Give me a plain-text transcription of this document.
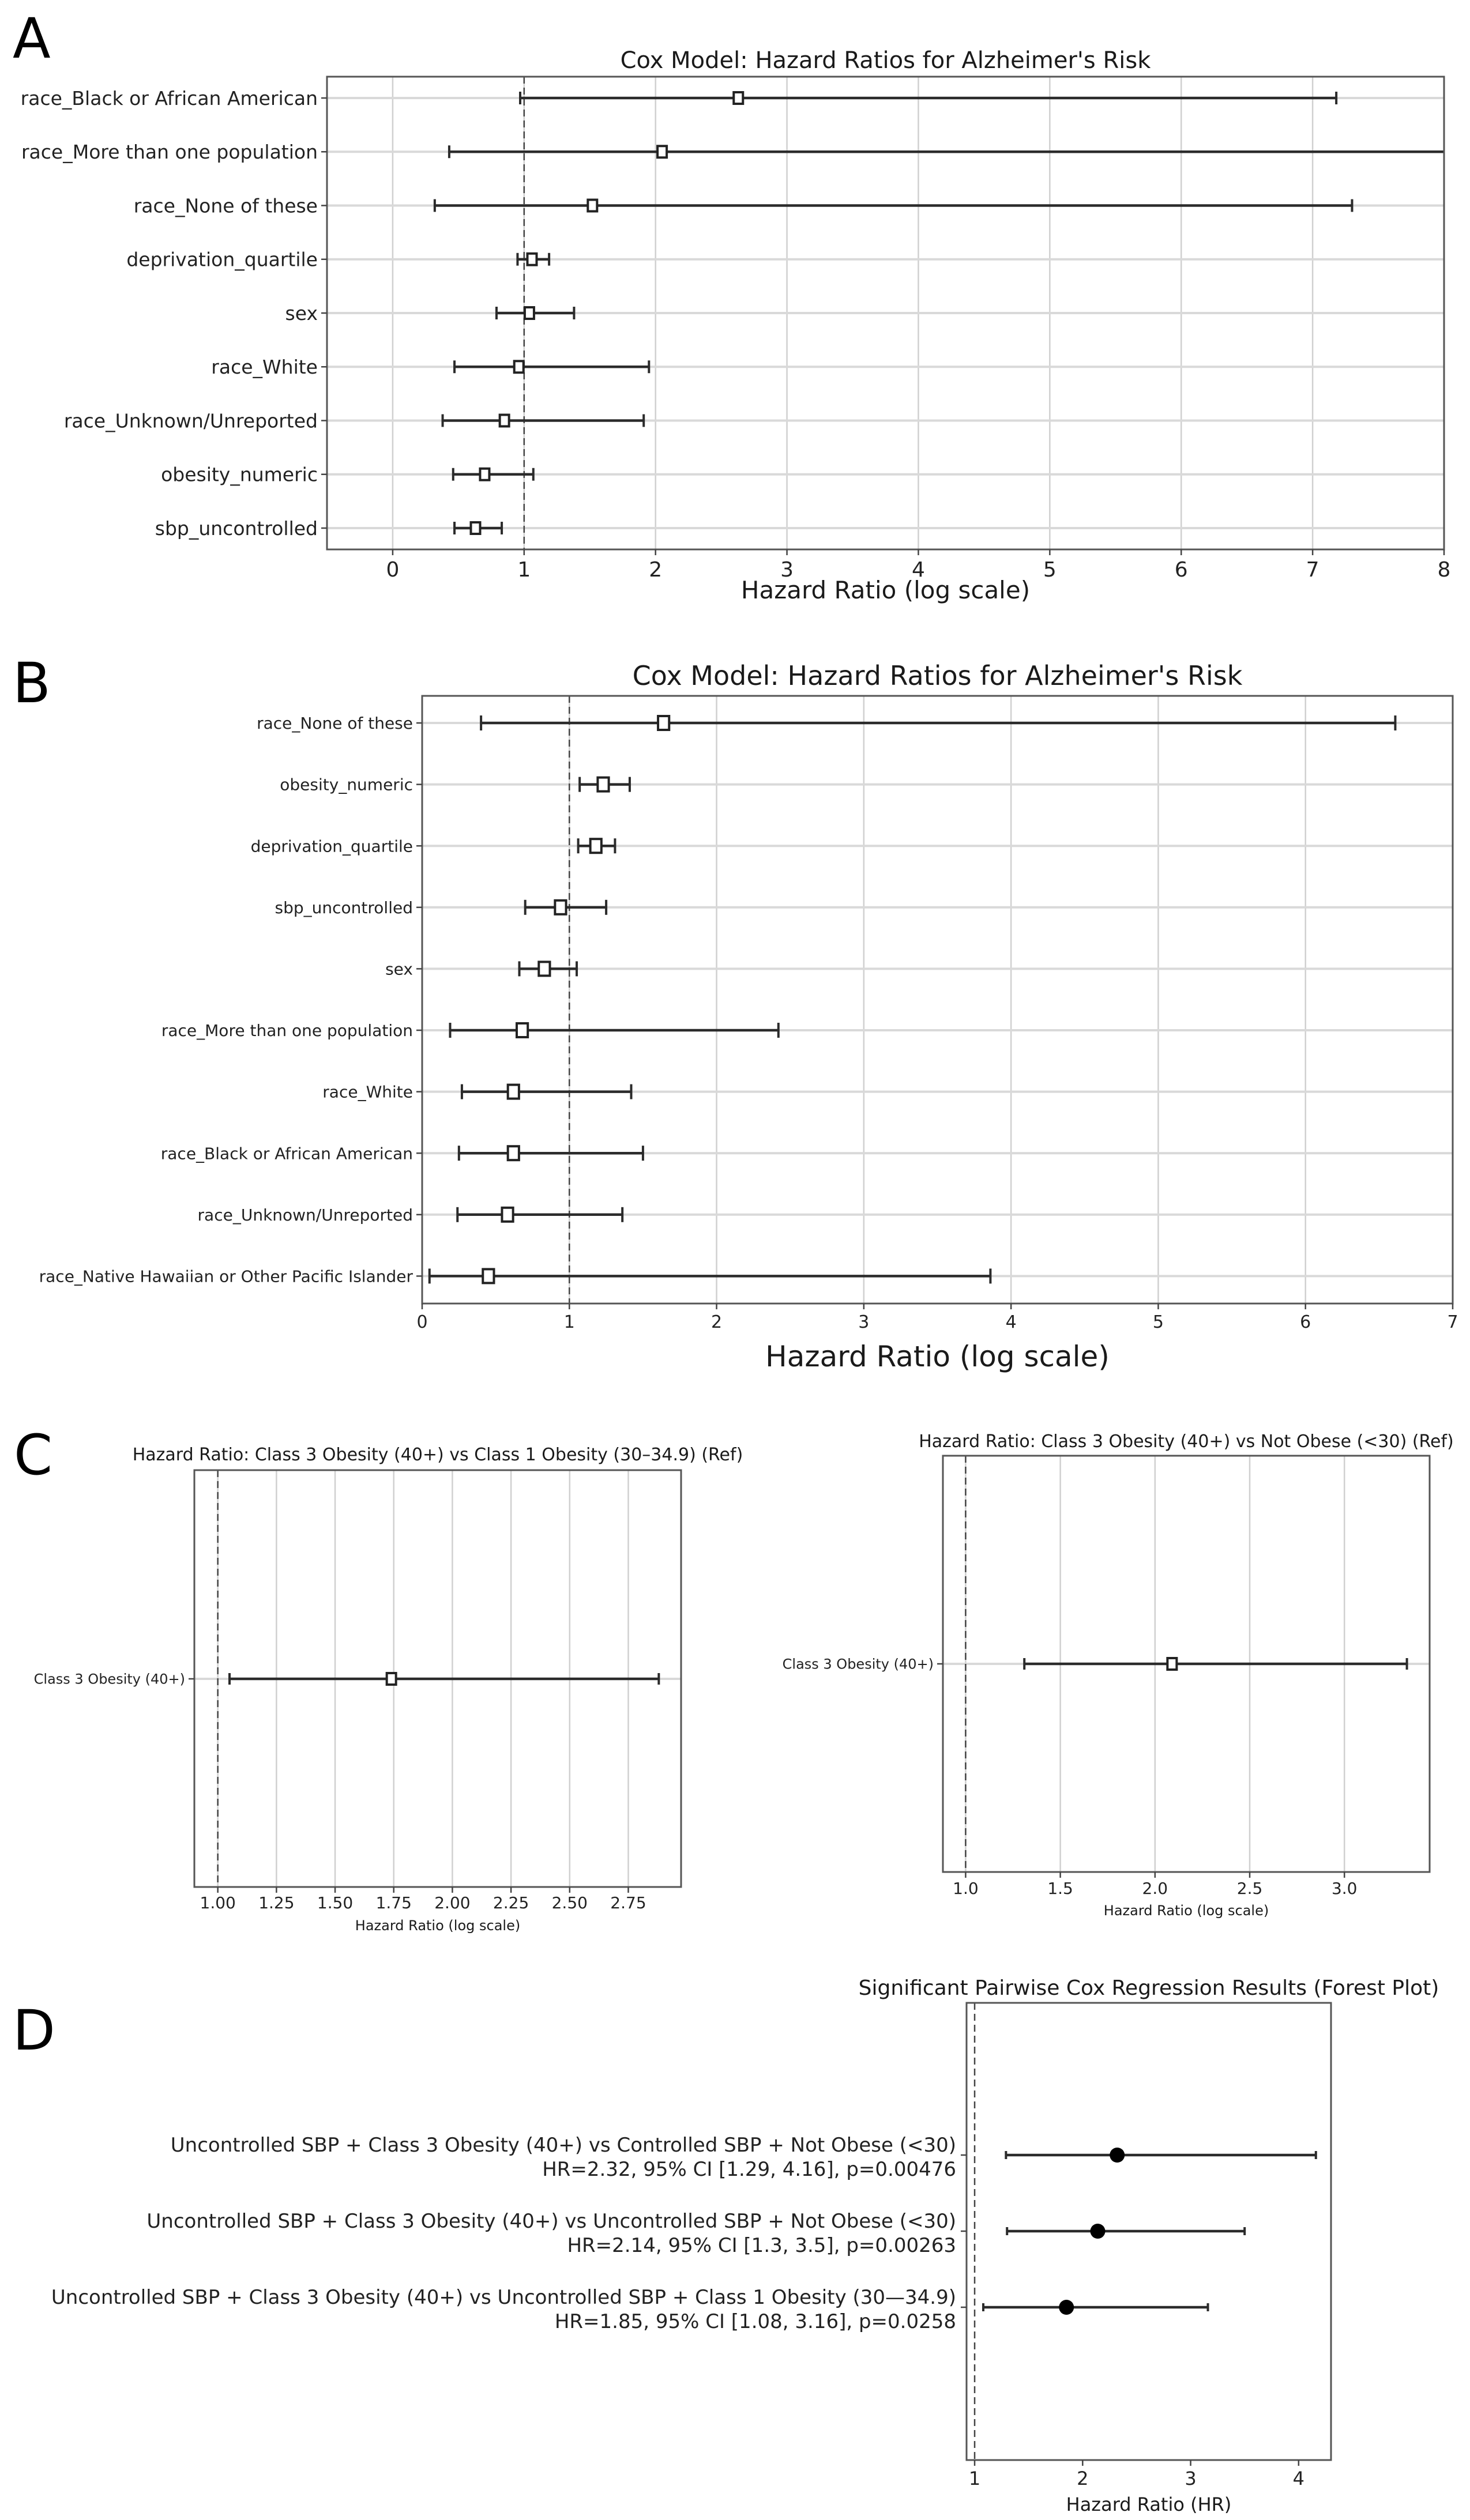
A	Cox Model: Hazard Ratios for Alzheimer's Risk
race_Black or African American
race_More than one population
race_None of these
deprivation_quartile
sex
race_White
race_Unknown/Unreported
obesity_numeric
sbp_uncontrolled
0	1	2	3	4	5	6	7	8
Hazard Ratio (log scale)
B	Cox Model: Hazard Ratios for Alzheimer's Risk
race_None of these
obesity_numeric
deprivation_quartile
sbp_uncontrolled
sex
race_More than one population
race_White
race_Black or African American
race_Unknown/Unreported
race_Native Hawaiian or Other Pacific Islander
0	1	2	3	4	5	6	7
Hazard Ratio (log scale)
C	Hazard Ratio: Class 3 Obesity (40+) vs Class 1 Obesity (30–34.9) (Ref)
Class 3 Obesity (40+)
1.00 1.25 1.50 1.75 2.00 2.25 2.50 2.75
Hazard Ratio (log scale)
Hazard Ratio: Class 3 Obesity (40+) vs Not Obese (<30) (Ref)
Class 3 Obesity (40+)
1.0	1.5	2.0	2.5	3.0
Hazard Ratio (log scale)
D
Significant Pairwise Cox Regression Results (Forest Plot)
Uncontrolled SBP + Class 3 Obesity (40+) vs Controlled SBP + Not Obese (<30)
HR=2.32, 95% CI [1.29, 4.16], p=0.00476
Uncontrolled SBP + Class 3 Obesity (40+) vs Uncontrolled SBP + Not Obese (<30)
HR=2.14, 95% CI [1.3, 3.5], p=0.00263
Uncontrolled SBP + Class 3 Obesity (40+) vs Uncontrolled SBP + Class 1 Obesity (30—34.9)
HR=1.85, 95% CI [1.08, 3.16], p=0.0258
1	2	3	4
Hazard Ratio (HR)
